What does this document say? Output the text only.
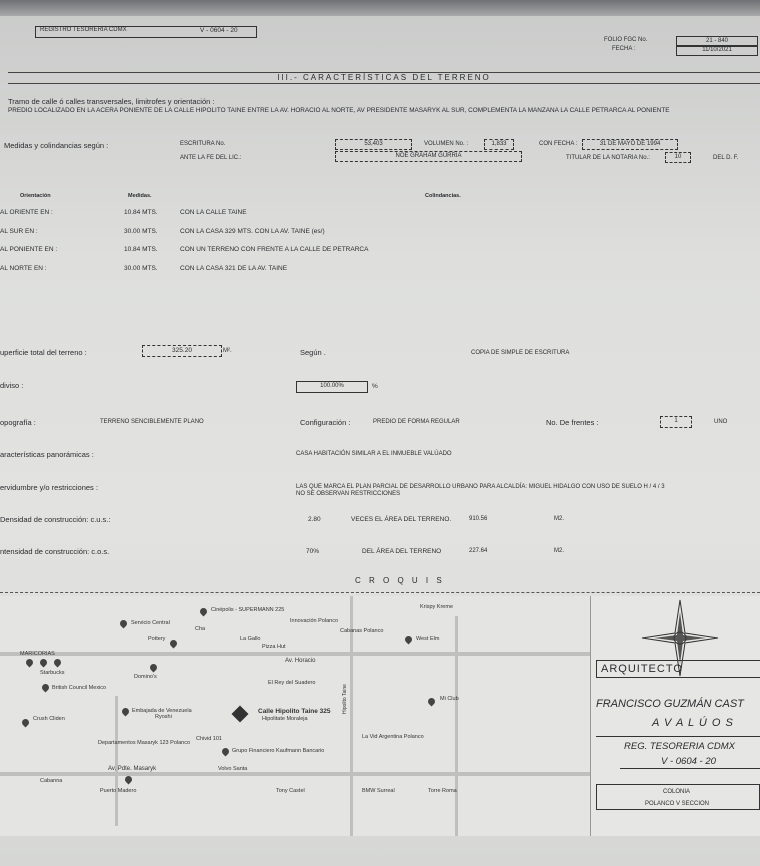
REGISTRO TESORERIA CDMX	V - 0604 - 20
FOLIO FGC No.	21 - 840
FECHA :	11/10/2021
III.- CARACTERÍSTICAS DEL TERRENO
Tramo de calle ó calles transversales, limitrofes y orientación :
PREDIO LOCALIZADO EN LA ACERA PONIENTE DE LA CALLE HIPOLITO TAINE ENTRE LA AV. HORACIO AL NORTE, AV PRESIDENTE MASARYK AL SUR, COMPLEMENTA LA MANZANA LA CALLE PETRARCA AL PONIENTE
Medidas y colindancias según :	ESCRITURA No.	53,403	VOLUMEN No. :	1,833	CON FECHA :	31 DE MAYO DE 1994
ANTE LA FE DEL LIC.:	NOE GRAHAM GURRIA	TITULAR DE LA NOTARIA No.:	10	DEL D. F.
Orientación	Medidas.	Colindancias.
AL ORIENTE EN :	10.84 MTS.	CON LA CALLE TAINE
AL SUR EN :	30.00 MTS.	CON LA CASA 329 MTS. CON LA AV. TAINE (es/)
AL PONIENTE EN :	10.84 MTS.	CON UN TERRENO CON FRENTE A LA CALLE DE PETRARCA
AL NORTE EN :	30.00 MTS.	CON LA CASA 321 DE LA AV. TAINE
uperficie total del terreno :	325.20	M².	Según .	COPIA DE SIMPLE DE ESCRITURA
diviso :	100.00%	%
opografía :	TERRENO SENCIBLEMENTE PLANO	Configuración :	PREDIO DE FORMA REGULAR	No. De frentes :	1	UNO
aracterísticas panorámicas :	CASA HABITACIÓN SIMILAR A EL INMUEBLE VALÚADO
ervidumbre y/o restricciones :	LAS QUE MARCA EL PLAN PARCIAL DE DESARROLLO URBANO PARA ALCALDÍA: MIGUEL HIDALGO CON USO DE SUELO H / 4 / 3
NO SE OBSERVAN RESTRICCIONES
Densidad de construcción: c.u.s.:	2.80	VECES EL ÁREA DEL TERRENO.	910.56	M2.
ntensidad de construcción: c.o.s.	70%	DEL ÁREA DEL TERRENO	227.64	M2.
C R O Q U I S
Av. Horacio
Av. Pdte. Masaryk
Calle Hipolito Taine 325 Hipolito Taine
Cinépolis - SUPERMANN 225
Servicio Central	Innovación Polanco
Cha	Cabanas Polanco
Pottery	La Gallo
Pizza Hut
MARICORIAS
Starbucks
Domino's
British Council Mexico
El Rey del Suadero
Embajada de Venezuela
Ryoshi	Hipolitate Moraleja
Crush Cliden
Departamentos Masaryk 123 Polanco
Chivid 101
Grupo Financiero Kaufmann Bancario
La Vid Argentina Polanco
Cabanna
Puerto Madero
Volvo Santa
Tony Castel	BMW Surreal	Torre Roma
Mi Club
Krispy Kreme
West Elm
ARQUITECTO
FRANCISCO GUZMÁN CAST
A V A L Ú O S
REG. TESORERIA CDMX
V - 0604 - 20
COLONIA
POLANCO V SECCION
